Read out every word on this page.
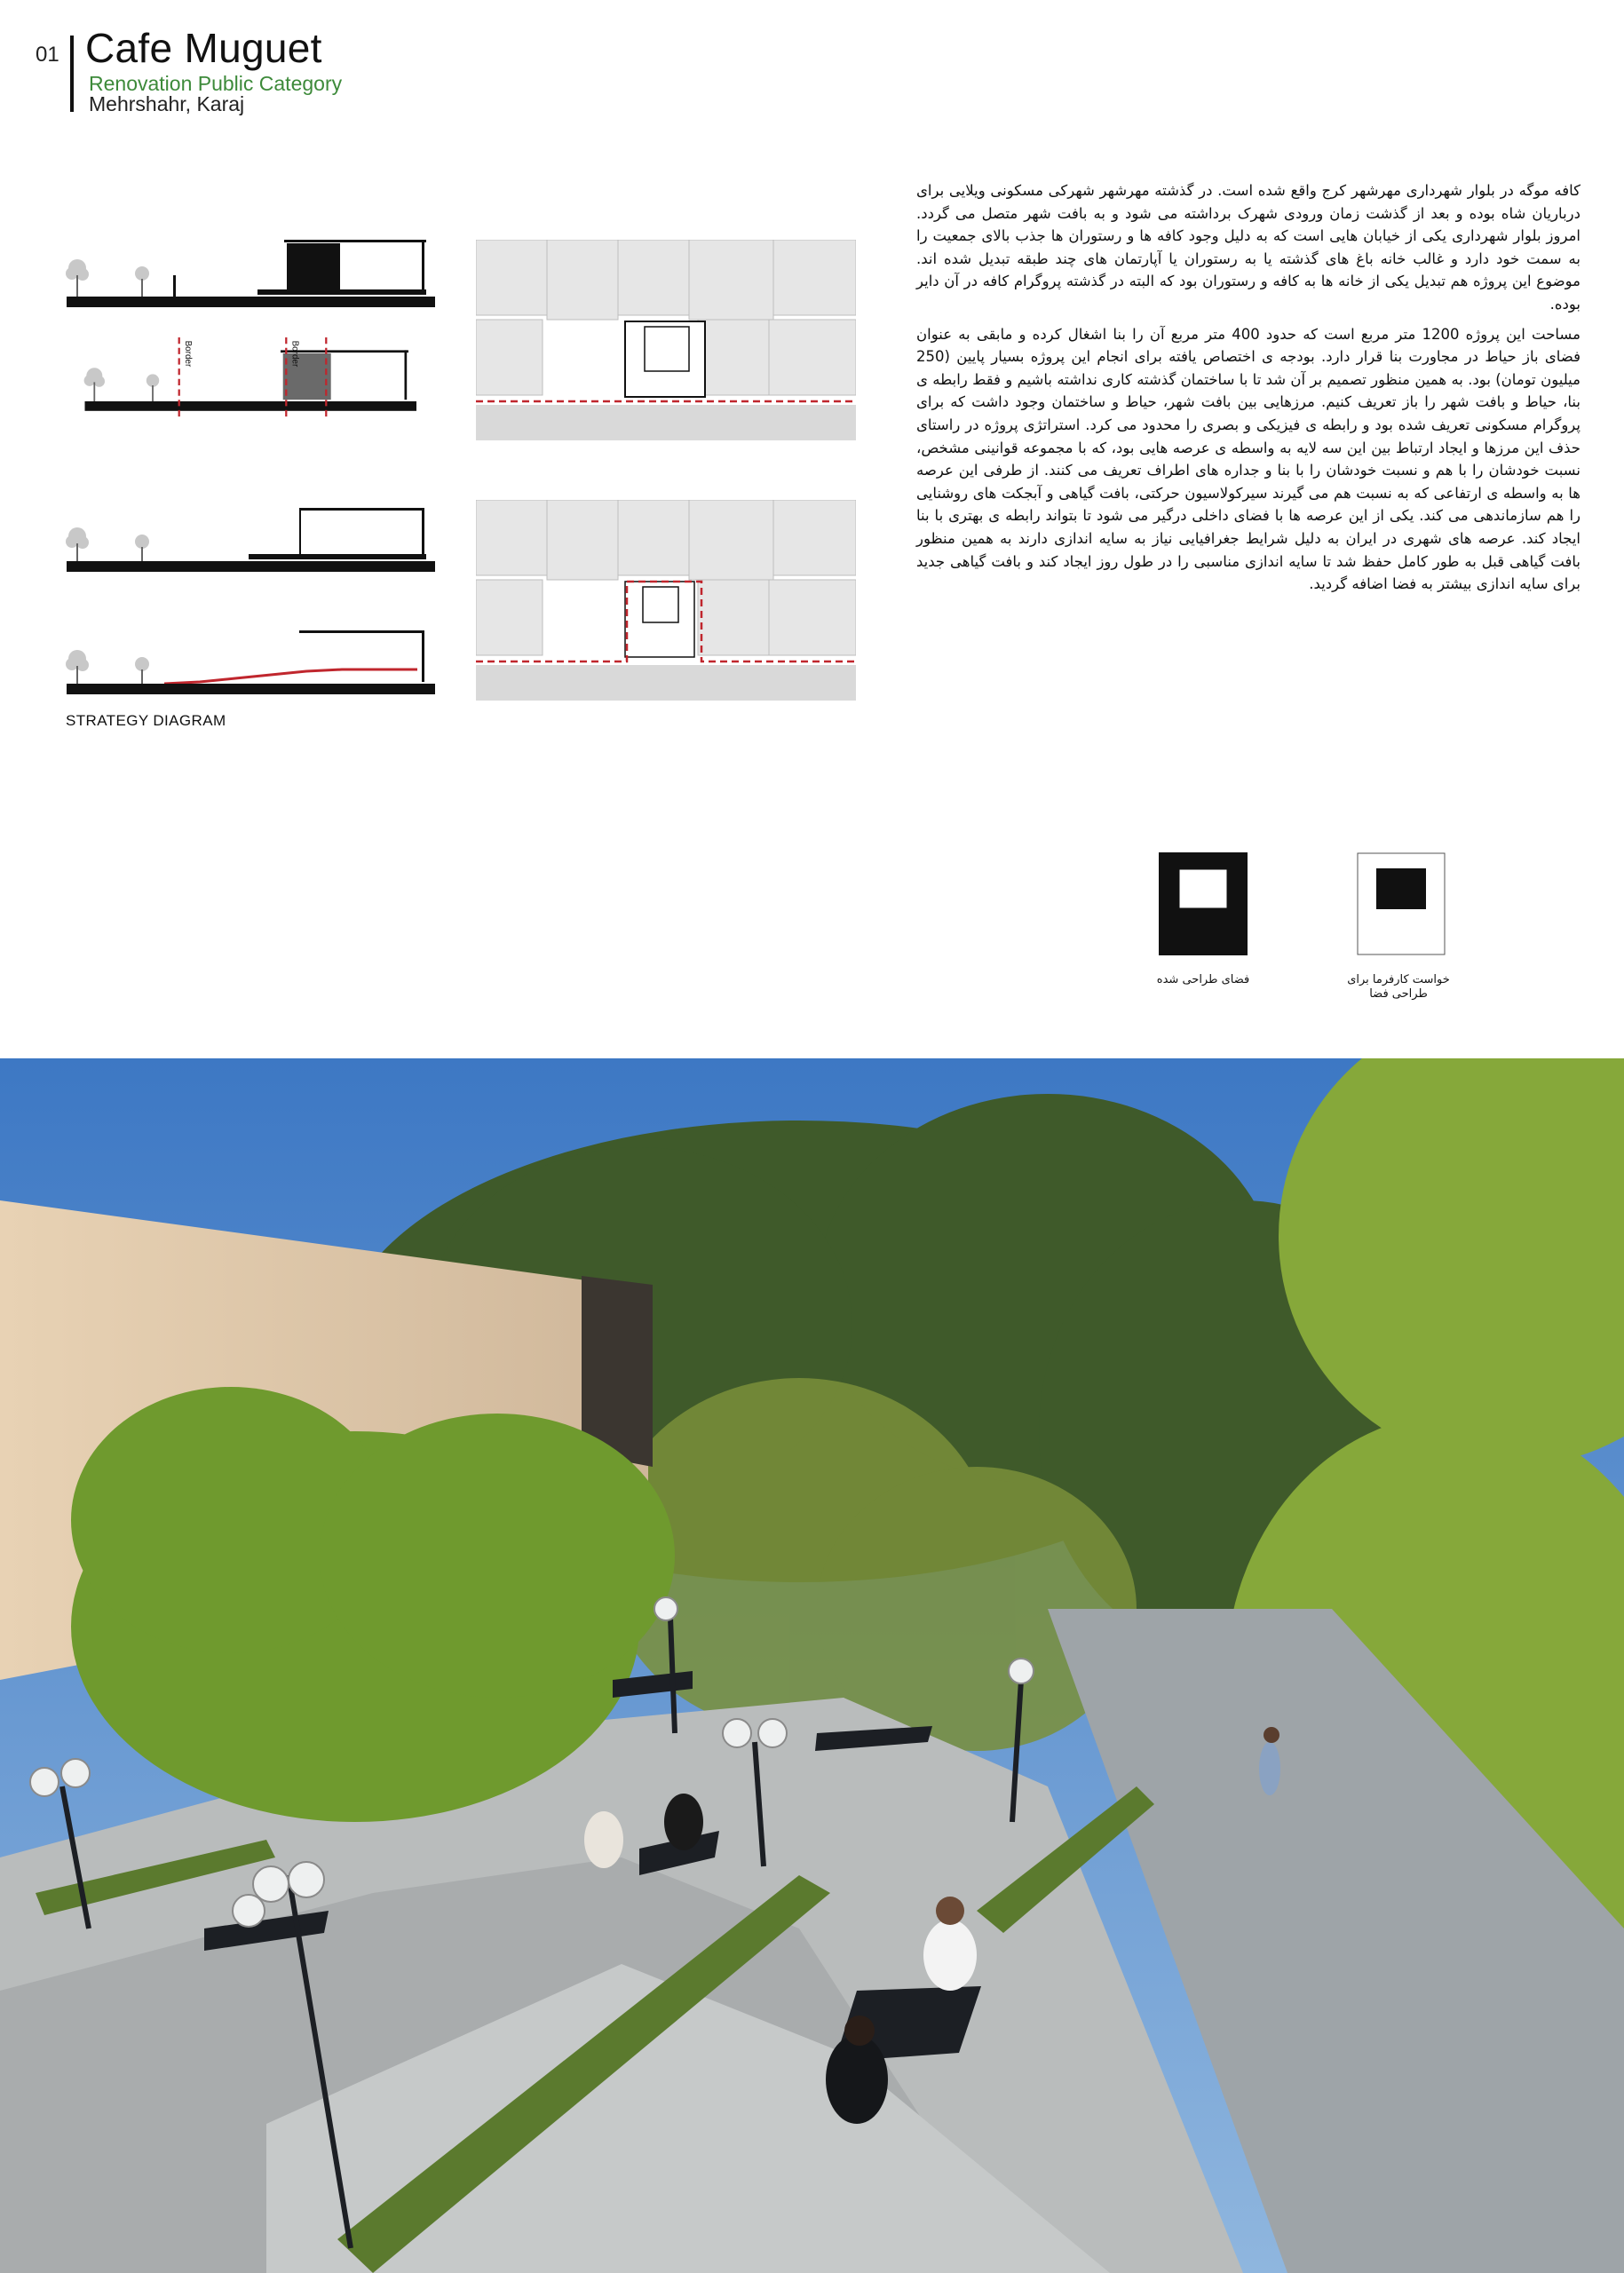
01 Cafe Muguet
Renovation Public Category
Mehrshahr, Karaj
Border	Border
STRATEGY DIAGRAM

کافه موگه در بلوار شهرداری مهرشهر کرج واقع شده است. در گذشته مهرشهر شهرکی مسکونی ویلایی برای درباریان شاه بوده و بعد از گذشت زمان ورودی شهرک برداشته می شود و به بافت شهر متصل می گردد. امروز بلوار شهرداری یکی از خیابان هایی است که به دلیل وجود کافه ها و رستوران ها جذب بالای جمعیت را به سمت خود دارد و غالب خانه باغ های گذشته یا به رستوران یا آپارتمان های چند طبقه تبدیل شده اند. موضوع این پروژه هم تبدیل یکی از خانه ها به کافه و رستوران بود که البته در گذشته پروگرام کافه در آن دایر بوده.

مساحت این پروژه 1200 متر مربع است که حدود 400 متر مربع آن را بنا اشغال کرده و مابقی به عنوان فضای باز حیاط در مجاورت بنا قرار دارد. بودجه ی اختصاص یافته برای انجام این پروژه بسیار پایین (250 میلیون تومان) بود. به همین منظور تصمیم بر آن شد تا با ساختمان گذشته کاری نداشته باشیم و فقط رابطه ی بنا، حیاط و بافت شهر را باز تعریف کنیم. مرزهایی بین بافت شهر، حیاط و ساختمان وجود داشت که برای پروگرام مسکونی تعریف شده بود و رابطه ی فیزیکی و بصری را محدود می کرد. استراتژی پروژه در راستای حذف این مرزها و ایجاد ارتباط بین این سه لایه به واسطه ی عرصه هایی بود، که با مجموعه قوانینی مشخص، نسبت خودشان را با هم و نسبت خودشان را با بنا و جداره های اطراف تعریف می کنند. از طرفی این عرصه ها به واسطه ی ارتفاعی که به نسبت هم می گیرند سیرکولاسیون حرکتی، بافت گیاهی و آبجکت های روشنایی را هم سازماندهی می کند. یکی از این عرصه ها با فضای داخلی درگیر می شود تا بتواند رابطه ی بهتری با بنا ایجاد کند. عرصه های شهری در ایران به دلیل شرایط جغرافیایی نیاز به سایه اندازی دارند به همین منظور بافت گیاهی قبل به طور کامل حفظ شد تا سایه اندازی مناسبی را در طول روز ایجاد کند و بافت گیاهی جدید برای سایه اندازی بیشتر به فضا اضافه گردید.

فضای طراحی شده	خواست کارفرما برای طراحی فضا
